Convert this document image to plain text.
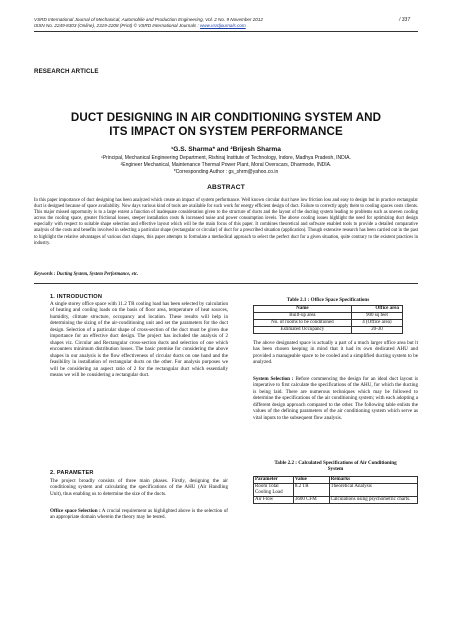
VSRD International Journal of Mechanical, Automobile and Production Engineering, Vol. 2 No. 9 November 2012
ISSN No. 2249-8303 (Online), 2319-2208 (Print) © VSRD International Journals : www.vsrdjournals.com
/ 337
RESEARCH ARTICLE
DUCT DESIGNING IN AIR CONDITIONING SYSTEM AND
ITS IMPACT ON SYSTEM PERFORMANCE
¹G.S. Sharma* and ²Brijesh Sharma
¹Principal, Mechanical Engineering Department, Rishiraj Institute of Technology, Indore, Madhya Pradesh, INDIA.
²Engineer Mechanical, Maintenance Thermal Power Plant, Moral Overscars, Dharmode, INDIA.
*Corresponding Author : gs_shrm@yahoo.co.in
ABSTRACT
In this paper importance of duct designing has been analyzed which create an impact of system performance. Well known circular duct have low friction loss and easy to design but in practice rectangular duct is designed because of space availability. Now days various kind of tools are available for such work for energy efficient design of duct. Failure to correctly apply them to cooling spaces costs clients. This major missed opportunity is to a large extent a function of inadequate consideration given to the structure of ducts and the layout of the ducting system leading to problems such as uneven cooling across the cooling space, greater frictional losses, steeper installation costs & increased noise and power consumption levels. The above cooling issues highlight the need for optimizing duct design especially with respect to suitable shape selection and effective layout which will be the main focus of this paper. It combines theoretical and software enabled tools to provide a detailed comparative analysis of the costs and benefits involved in selecting a particular shape (rectangular or circular) of duct for a prescribed situation (application). Though extensive research has been carried out in the past to highlight the relative advantages of various duct shapes, this paper attempts to formulate a methodical approach to select the perfect duct for a given situation, quite contrary to the existent practices in industry.
Keywords : Ducting System, System Performance, etc.
1. INTRODUCTION
A single storey office space with 11.2 TR cooling load has been selected by calculation of heating and cooling loads on the basis of floor area, temperature of heat sources, humidity, climate structure, occupancy and location. These results will help in determining the sizing of the air-conditioning unit and set the parameters for the duct design. Selection of a particular shape of cross-section of the duct must be given due importance for an effective duct design. The project has included the analysis of 2 shapes viz. Circular and Rectangular cross-section ducts and selection of one which encounters minimum distribution losses. The basic premise for considering the above shapes in our analysis is the flow effectiveness of circular ducts on one hand and the feasibility in installation of rectangular ducts on the other. For analysis purposes we will be considering an aspect ratio of 2 for the rectangular duct which essentially means we will be considering a rectangular duct.
2. PARAMETER
The project broadly consists of three main phases. Firstly, designing the air conditioning system and calculating the specifications of the AHU (Air Handling Unit), thus enabling us to determine the size of the ducts.
Office space Selection : A crucial requirement as highlighted above is the selection of an appropriate domain wherein the theory may be tested.
Table 2.1 : Office Space Specifications
Name	Office area
Built-up area	900 sq feet
No. of rooms to be conditioned	4 (Office area)
Estimated Occupancy	20-30
The above designated space is actually a part of a much larger office area but it has been chosen keeping in mind that it had its own dedicated AHU and provided a manageable space to be cooled and a simplified ducting system to be analyzed.
System Selection : Before commencing the design for an ideal duct layout is imperative to first calculate the specifications of the AHU, for which the ducting is being laid. There are numerous techniques which may be followed to determine the specifications of the air conditioning system; with each adopting a different design approach compared to the other. The following table enlists the values of the defining parameters of the air conditioning system which serve as vital inputs to the subsequent flow analysis.
Table 2.2 : Calculated Specifications of Air Conditioning
System
Parameter	Value	Remarks
Room Total Cooling Load	8.2 TR	Theoretical Analysis
Air Flow	3600 CFM	Calculations using psychometric charts.
